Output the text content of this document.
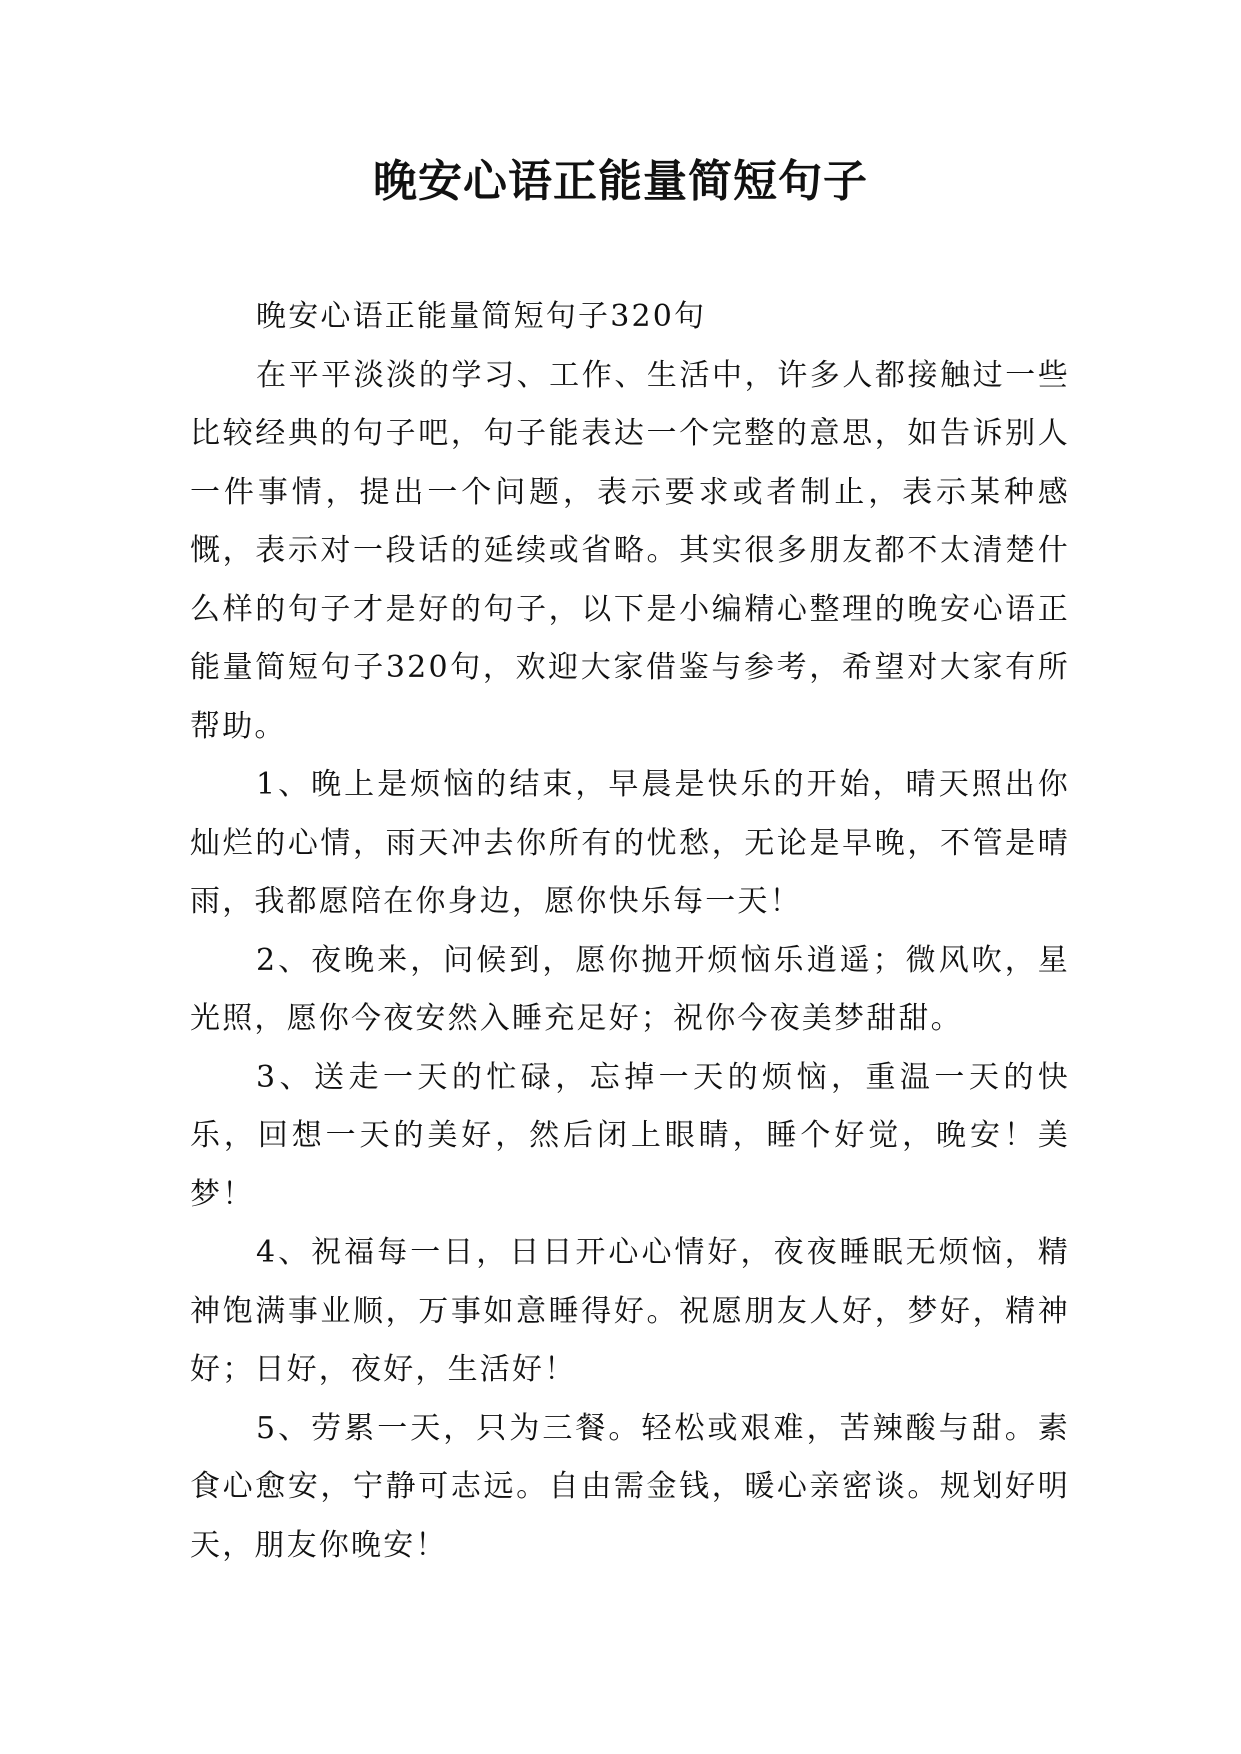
晚安心语正能量简短句子

晚安心语正能量简短句子320句

在平平淡淡的学习、工作、生活中，许多人都接触过一些比较经典的句子吧，句子能表达一个完整的意思，如告诉别人一件事情，提出一个问题，表示要求或者制止，表示某种感慨，表示对一段话的延续或省略。其实很多朋友都不太清楚什么样的句子才是好的句子，以下是小编精心整理的晚安心语正能量简短句子320句，欢迎大家借鉴与参考，希望对大家有所帮助。

1、晚上是烦恼的结束，早晨是快乐的开始，晴天照出你灿烂的心情，雨天冲去你所有的忧愁，无论是早晚，不管是晴雨，我都愿陪在你身边，愿你快乐每一天！

2、夜晚来，问候到，愿你抛开烦恼乐逍遥；微风吹，星光照，愿你今夜安然入睡充足好；祝你今夜美梦甜甜。

3、送走一天的忙碌，忘掉一天的烦恼，重温一天的快乐，回想一天的美好，然后闭上眼睛，睡个好觉，晚安！美梦！

4、祝福每一日，日日开心心情好，夜夜睡眠无烦恼，精神饱满事业顺，万事如意睡得好。祝愿朋友人好，梦好，精神好；日好，夜好，生活好！

5、劳累一天，只为三餐。轻松或艰难，苦辣酸与甜。素食心愈安，宁静可志远。自由需金钱，暖心亲密谈。规划好明天，朋友你晚安！
